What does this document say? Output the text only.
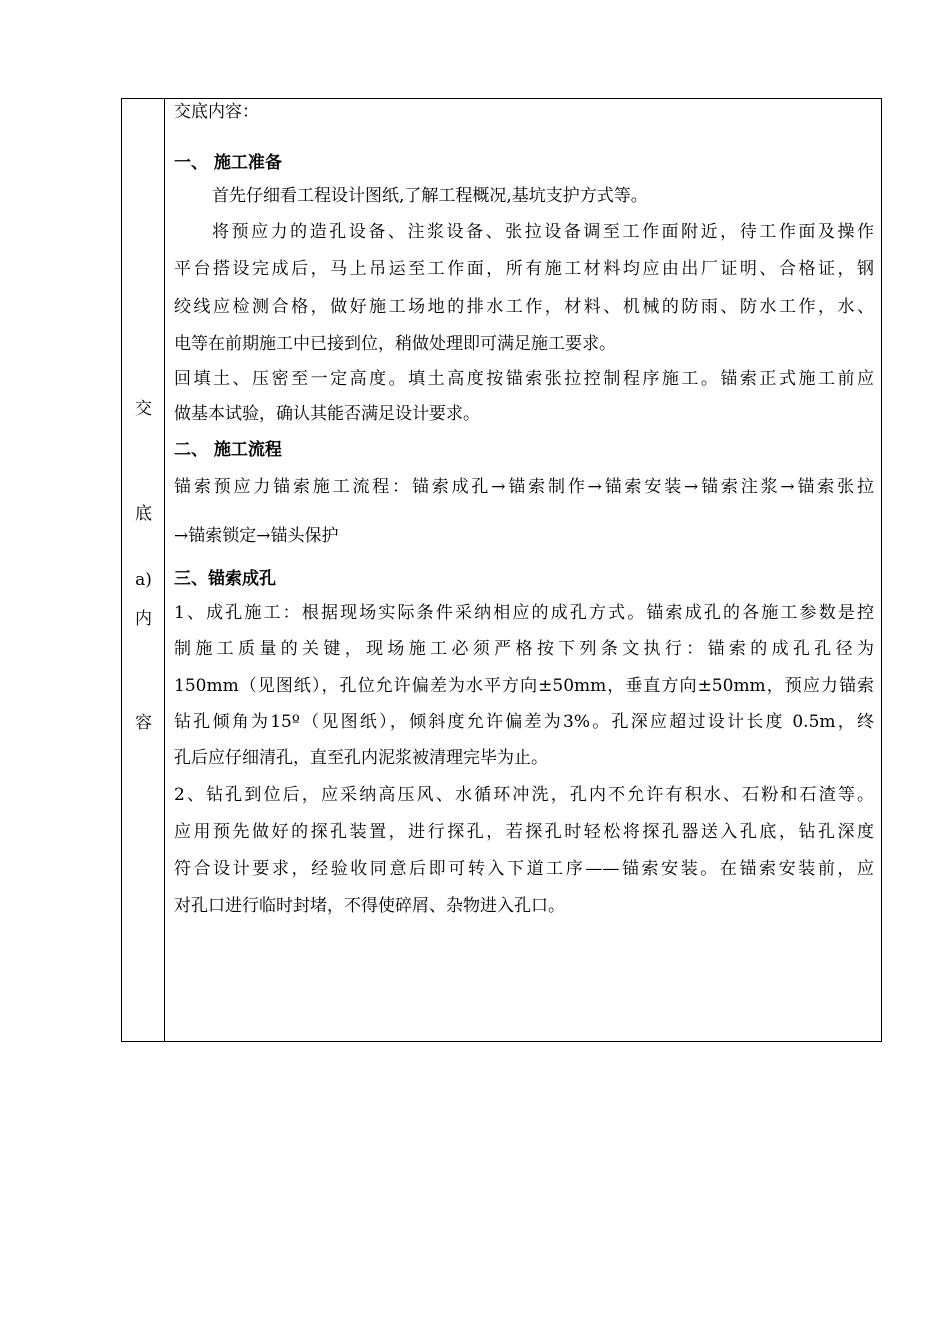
交
底
a)
内
容
交底内容：
一、 施工准备
首先仔细看工程设计图纸,了解工程概况,基坑支护方式等。
将预应力的造孔设备、注浆设备、张拉设备调至工作面附近，待工作面及操作
平台搭设完成后，马上吊运至工作面，所有施工材料均应由出厂证明、合格证，钢
绞线应检测合格，做好施工场地的排水工作，材料、机械的防雨、防水工作，水、
电等在前期施工中已接到位，稍做处理即可满足施工要求。
回填土、压密至一定高度。填土高度按锚索张拉控制程序施工。锚索正式施工前应
做基本试验，确认其能否满足设计要求。
二、 施工流程
锚索预应力锚索施工流程：锚索成孔→锚索制作→锚索安装→锚索注浆→锚索张拉
→锚索锁定→锚头保护
三、锚索成孔
1、成孔施工：根据现场实际条件采纳相应的成孔方式。锚索成孔的各施工参数是控
制施工质量的关键，现场施工必须严格按下列条文执行：锚索的成孔孔径为
150mm（见图纸），孔位允许偏差为水平方向±50mm，垂直方向±50mm，预应力锚索
钻孔倾角为15º（见图纸），倾斜度允许偏差为3%。孔深应超过设计长度 0.5m，终
孔后应仔细清孔，直至孔内泥浆被清理完毕为止。
2、钻孔到位后，应采纳高压风、水循环冲洗，孔内不允许有积水、石粉和石渣等。
应用预先做好的探孔装置，进行探孔，若探孔时轻松将探孔器送入孔底，钻孔深度
符合设计要求，经验收同意后即可转入下道工序——锚索安装。在锚索安装前，应
对孔口进行临时封堵，不得使碎屑、杂物进入孔口。
